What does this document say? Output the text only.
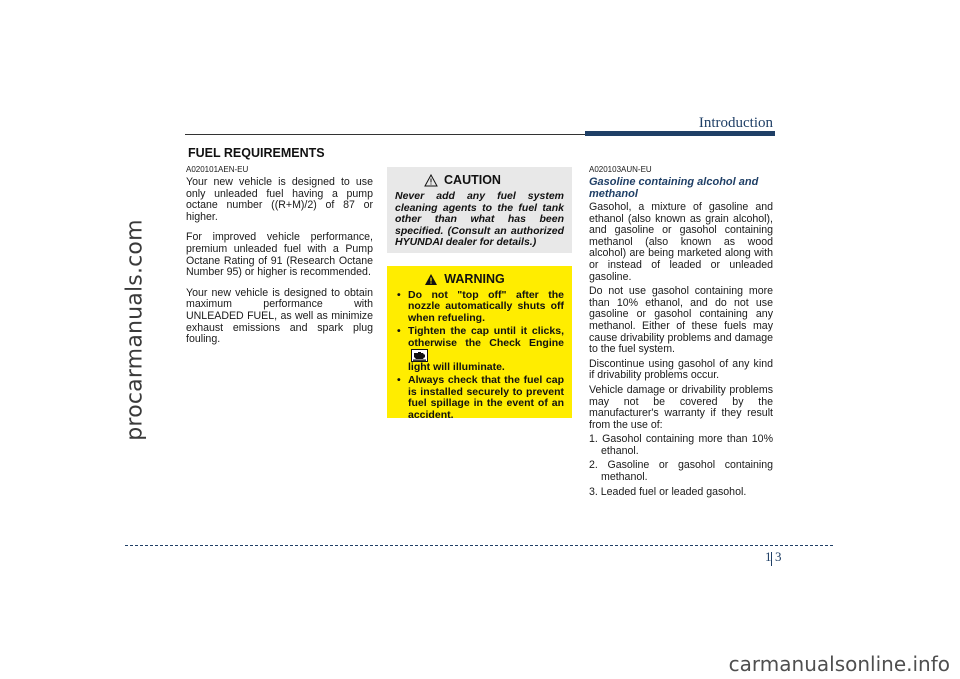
procarmanuals.com
Introduction
FUEL REQUIREMENTS
A020101AEN-EU

Your new vehicle is designed to use only unleaded fuel having a pump octane number ((R+M)/2) of 87 or higher.

For improved vehicle performance, premium unleaded fuel with a Pump Octane Rating of 91 (Research Octane Number 95) or higher is recommended.

Your new vehicle is designed to obtain maximum performance with UNLEADED FUEL, as well as minimize exhaust emissions and spark plug fouling.

CAUTION
Never add any fuel system cleaning agents to the fuel tank other than what has been specified. (Consult an authorized HYUNDAI dealer for details.)
WARNING
• Do not "top off" after the nozzle automatically shuts off when refueling.
• Tighten the cap until it clicks, otherwise the Check Engine
light will illuminate.
• Always check that the fuel cap is installed securely to prevent fuel spillage in the event of an accident.
A020103AUN-EU
Gasoline containing alcohol and methanol

Gasohol, a mixture of gasoline and ethanol (also known as grain alcohol), and gasoline or gasohol containing methanol (also known as wood alcohol) are being marketed along with or instead of leaded or unleaded gasoline.

Do not use gasohol containing more than 10% ethanol, and do not use gasoline or gasohol containing any methanol. Either of these fuels may cause drivability problems and damage to the fuel system.

Discontinue using gasohol of any kind if drivability problems occur.

Vehicle damage or drivability problems may not be covered by the manufacturer's warranty if they result from the use of:

1. Gasohol containing more than 10% ethanol.
2. Gasoline or gasohol containing methanol.
3. Leaded fuel or leaded gasohol.
1 3
carmanualsonline.info
